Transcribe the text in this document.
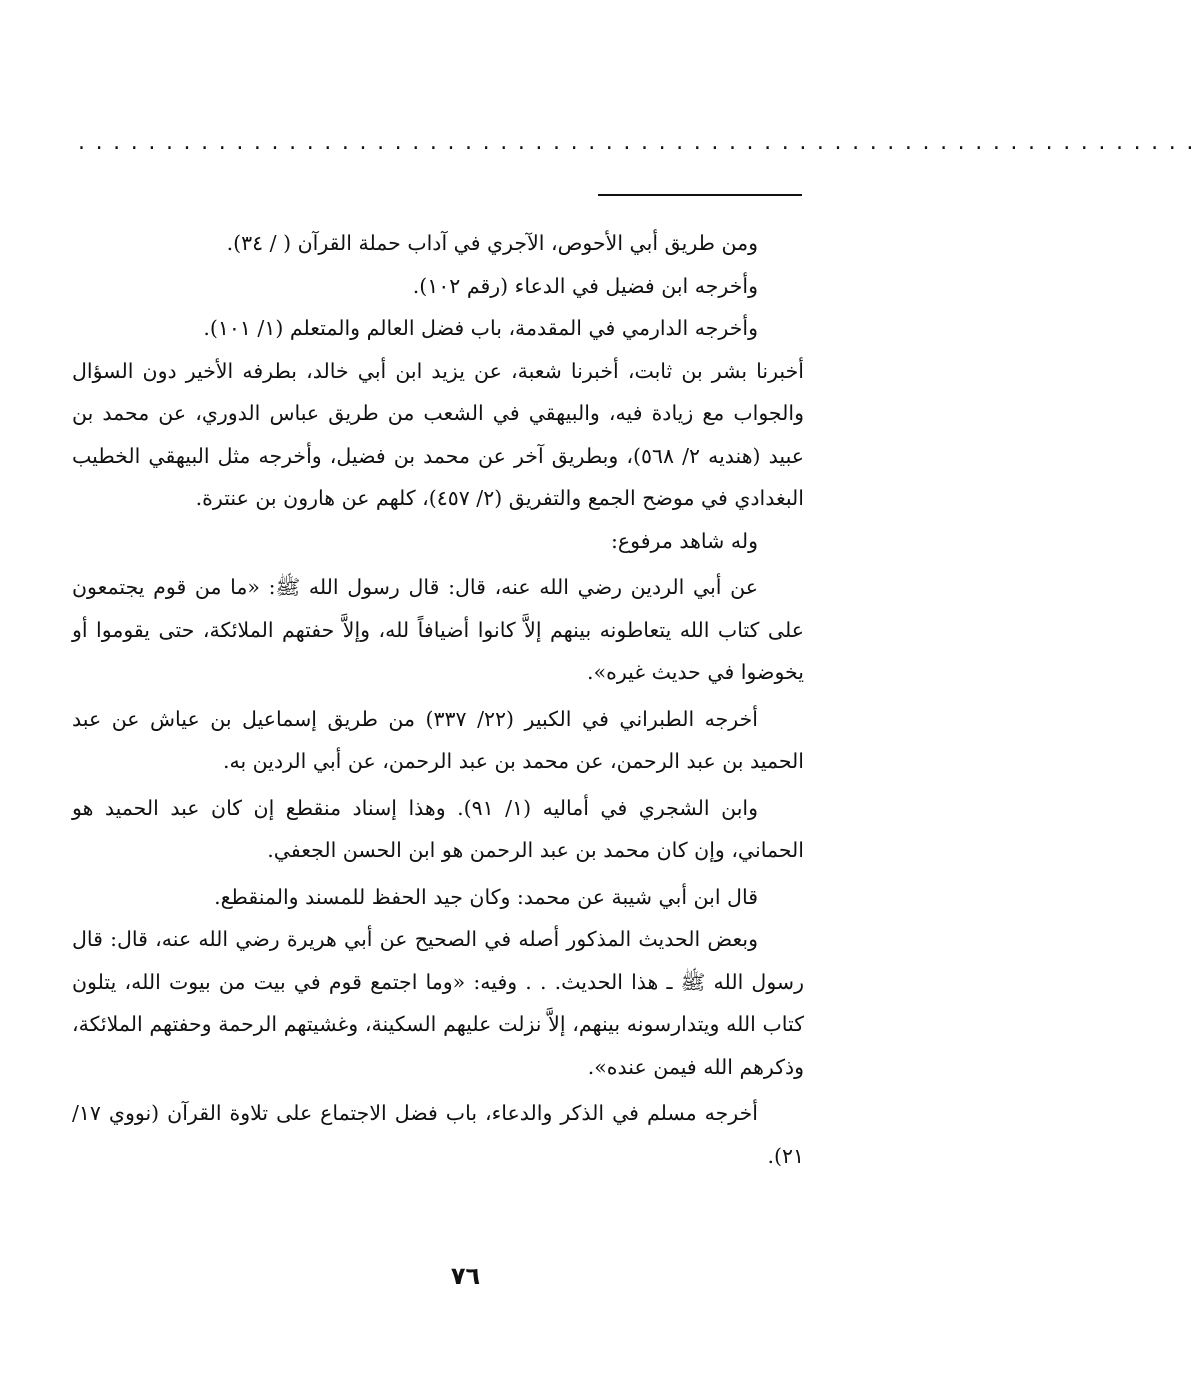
................................................................

ومن طريق أبي الأحوص، الآجري في آداب حملة القرآن ( / ٣٤).

وأخرجه ابن فضيل في الدعاء (رقم ١٠٢).

وأخرجه الدارمي في المقدمة، باب فضل العالم والمتعلم (١/ ١٠١).

أخبرنا بشر بن ثابت، أخبرنا شعبة، عن يزيد ابن أبي خالد، بطرفه الأخير دون السؤال والجواب مع زيادة فيه، والبيهقي في الشعب من طريق عباس الدوري، عن محمد بن عبيد (هنديه ٢/ ٥٦٨)، وبطريق آخر عن محمد بن فضيل، وأخرجه مثل البيهقي الخطيب البغدادي في موضح الجمع والتفريق (٢/ ٤٥٧)، كلهم عن هارون بن عنترة.

وله شاهد مرفوع:

عن أبي الردين رضي الله عنه، قال: قال رسول الله ﷺ: «ما من قوم يجتمعون على كتاب الله يتعاطونه بينهم إلاَّ كانوا أضيافاً لله، وإلاَّ حفتهم الملائكة، حتى يقوموا أو يخوضوا في حديث غيره».

أخرجه الطبراني في الكبير (٢٢/ ٣٣٧) من طريق إسماعيل بن عياش عن عبد الحميد بن عبد الرحمن، عن محمد بن عبد الرحمن، عن أبي الردين به.

وابن الشجري في أماليه (١/ ٩١). وهذا إسناد منقطع إن كان عبد الحميد هو الحماني، وإن كان محمد بن عبد الرحمن هو ابن الحسن الجعفي.

قال ابن أبي شيبة عن محمد: وكان جيد الحفظ للمسند والمنقطع.

وبعض الحديث المذكور أصله في الصحيح عن أبي هريرة رضي الله عنه، قال: قال رسول الله ﷺ ـ هذا الحديث. . . وفيه: «وما اجتمع قوم في بيت من بيوت الله، يتلون كتاب الله ويتدارسونه بينهم، إلاَّ نزلت عليهم السكينة، وغشيتهم الرحمة وحفتهم الملائكة، وذكرهم الله فيمن عنده».

أخرجه مسلم في الذكر والدعاء، باب فضل الاجتماع على تلاوة القرآن (نووي ١٧/ ٢١).

٧٦
